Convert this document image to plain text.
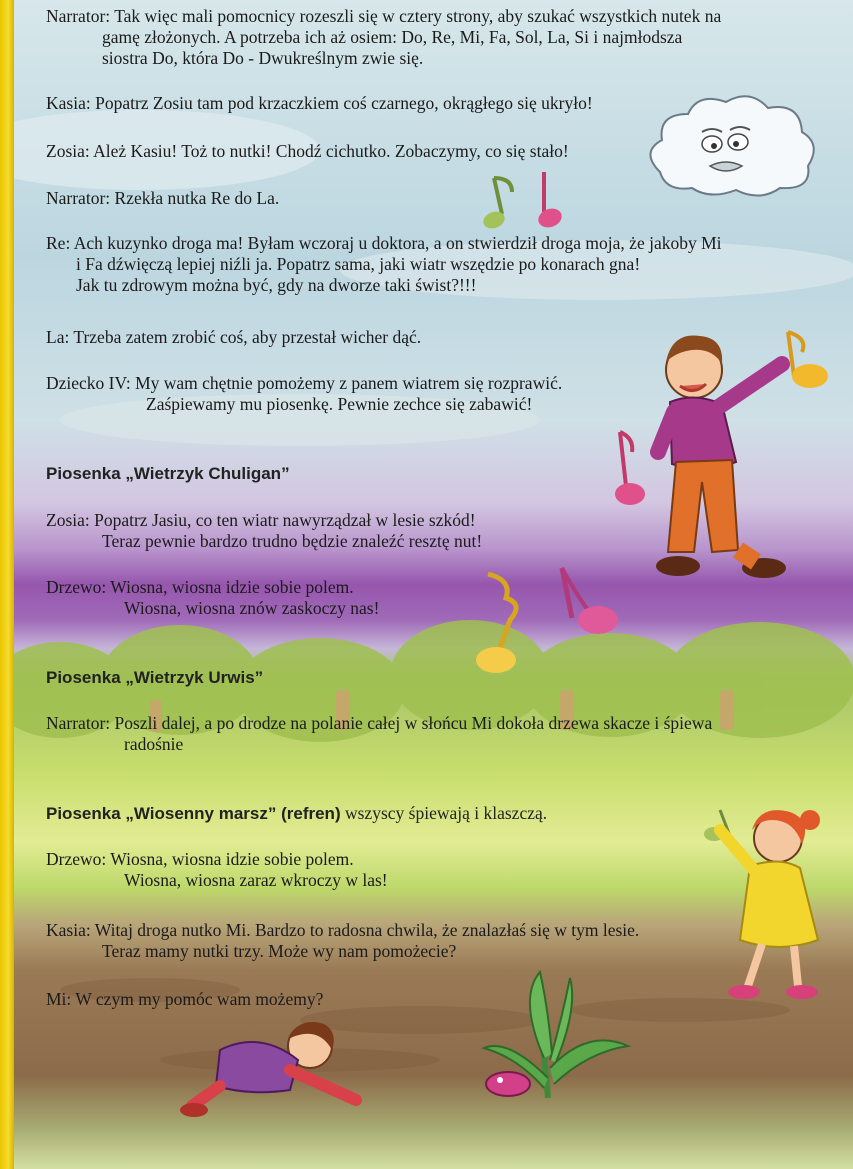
Narrator: Tak więc mali pomocnicy rozeszli się w cztery strony, aby szukać wszystkich nutek na
gamę złożonych. A potrzeba ich aż osiem: Do, Re, Mi, Fa, Sol, La, Si i najmłodsza
siostra Do, która Do - Dwukreślnym zwie się.
Kasia: Popatrz Zosiu tam pod krzaczkiem coś czarnego, okrągłego się ukryło!
Zosia: Ależ Kasiu! Toż to nutki! Chodź cichutko. Zobaczymy, co się stało!
Narrator: Rzekła nutka Re do La.
Re: Ach kuzynko droga ma! Byłam wczoraj u doktora, a on stwierdził droga moja, że jakoby Mi
i Fa dźwięczą lepiej niźli ja. Popatrz sama, jaki wiatr wszędzie po konarach gna!
Jak tu zdrowym można być, gdy na dworze taki świst?!!!
La: Trzeba zatem zrobić coś, aby przestał wicher dąć.
Dziecko IV: My wam chętnie pomożemy z panem wiatrem się rozprawić.
Zaśpiewamy mu piosenkę. Pewnie zechce się zabawić!
Piosenka „Wietrzyk Chuligan”
Zosia: Popatrz Jasiu, co ten wiatr nawyrządzał w lesie szkód!
Teraz pewnie bardzo trudno będzie znaleźć resztę nut!
Drzewo: Wiosna, wiosna idzie sobie polem.
Wiosna, wiosna znów zaskoczy nas!
Piosenka „Wietrzyk Urwis”
Narrator: Poszli dalej, a po drodze na polanie całej w słońcu Mi dokoła drzewa skacze i śpiewa
radośnie
Piosenka „Wiosenny marsz” (refren) wszyscy śpiewają i klaszczą.
Drzewo: Wiosna, wiosna idzie sobie polem.
Wiosna, wiosna zaraz wkroczy w las!
Kasia: Witaj droga nutko Mi. Bardzo to radosna chwila, że znalazłaś się w tym lesie.
Teraz mamy nutki trzy. Może wy nam pomożecie?
Mi: W czym my pomóc wam możemy?
